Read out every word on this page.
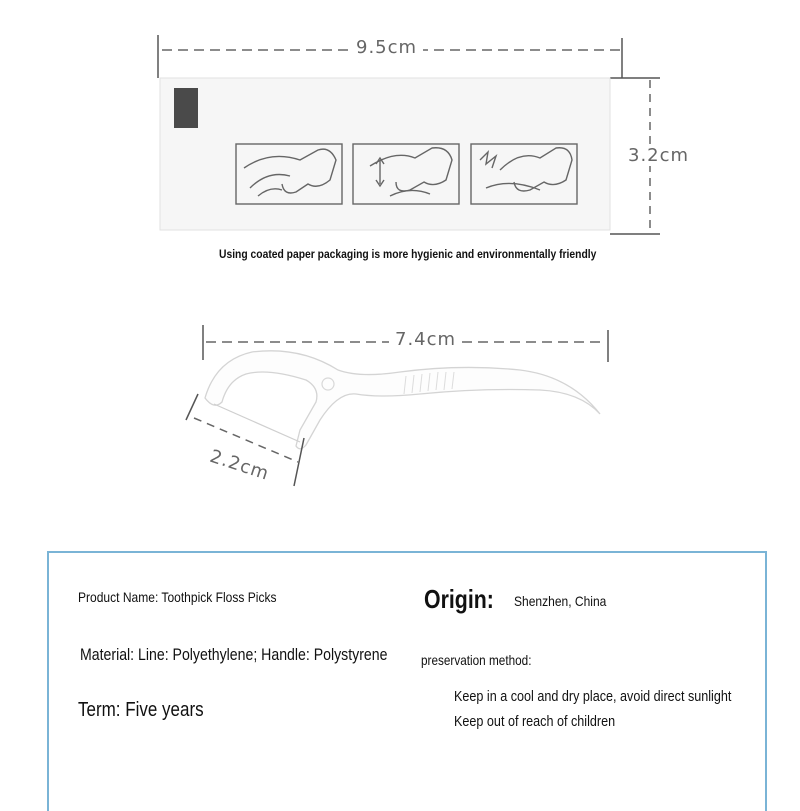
9.5cm
3.2cm
Using coated paper packaging is more hygienic and environmentally friendly
7.4cm
2.2cm
Product Name: Toothpick Floss Picks	Origin: Shenzhen, China
Material: Line: Polyethylene; Handle: Polystyrene preservation method:
Keep in a cool and dry place, avoid direct sunlight
Keep out of reach of children
Term: Five years
